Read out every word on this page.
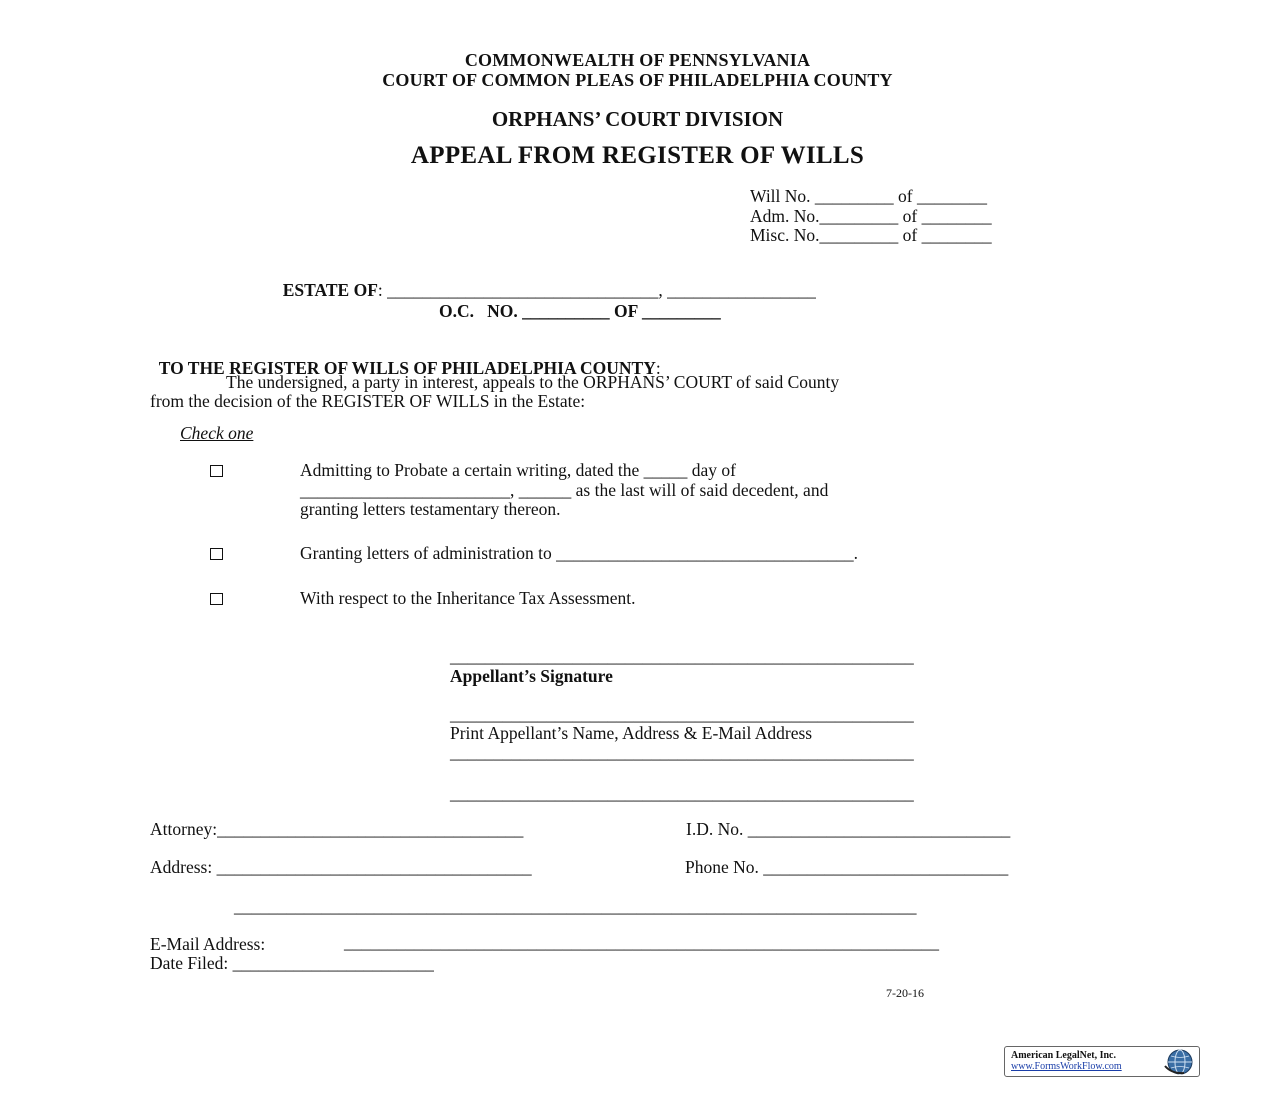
COMMONWEALTH OF PENNSYLVANIA
COURT OF COMMON PLEAS OF PHILADELPHIA COUNTY
ORPHANS’ COURT DIVISION
APPEAL FROM REGISTER OF WILLS
Will No. _________ of ________
Adm. No._________ of ________
Misc. No._________ of ________

ESTATE OF: _______________________________, _________________

O.C.   NO. __________ OF _________

TO THE REGISTER OF WILLS OF PHILADELPHIA COUNTY:

The undersigned, a party in interest, appeals to the ORPHANS’ COURT of said County
from the decision of the REGISTER OF WILLS in the Estate:
Check one
Admitting to Probate a certain writing, dated the _____ day of
________________________, ______ as the last will of said decedent, and
granting letters testamentary thereon.
Granting letters of administration to __________________________________.
With respect to the Inheritance Tax Assessment.
_____________________________________________________
Appellant’s Signature
_____________________________________________________
Print Appellant’s Name, Address & E-Mail Address
_____________________________________________________
_____________________________________________________
Attorney:___________________________________	I.D. No. ______________________________
Address: ____________________________________	Phone No. ____________________________
______________________________________________________________________________
E-Mail Address:	____________________________________________________________________
Date Filed: _______________________
7-20-16
American LegalNet, Inc.
www.FormsWorkFlow.com
